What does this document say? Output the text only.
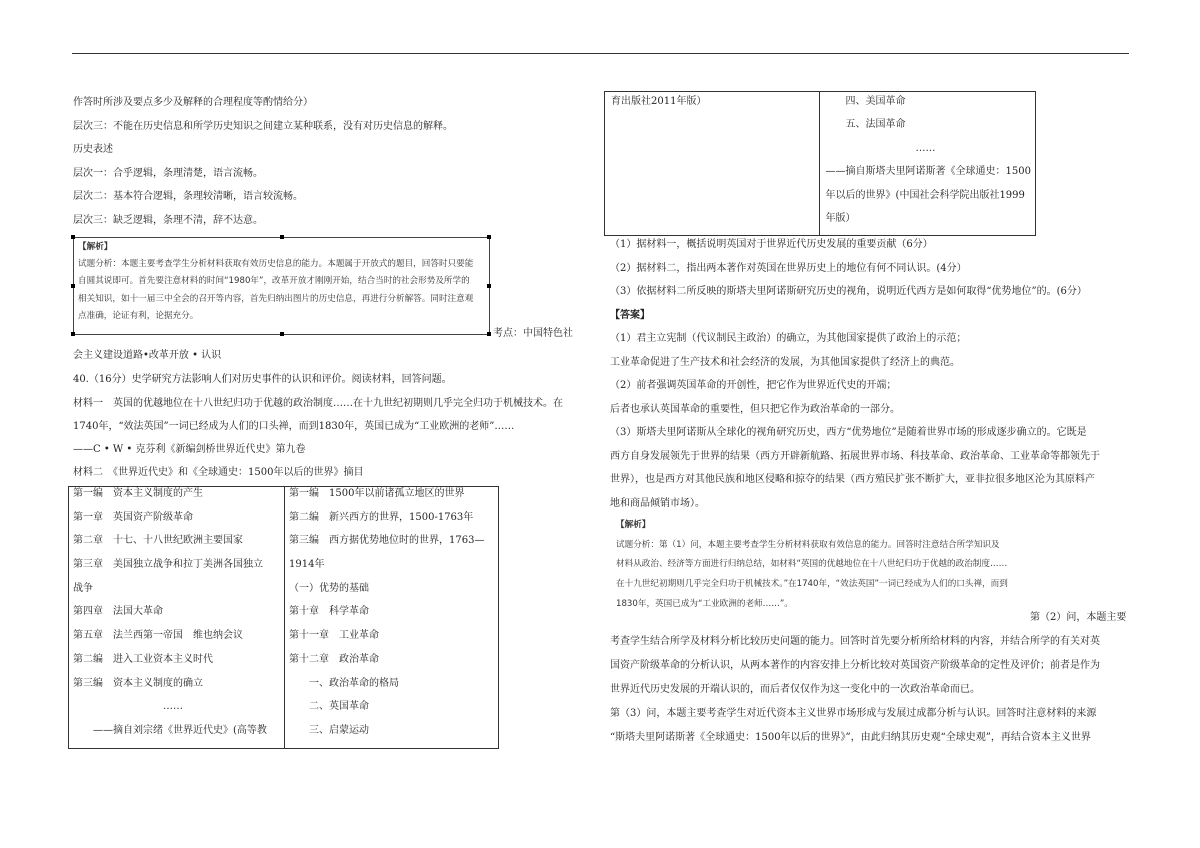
作答时所涉及要点多少及解释的合理程度等酌情给分）
层次三：不能在历史信息和所学历史知识之间建立某种联系，没有对历史信息的解释。
历史表述
层次一：合乎逻辑，条理清楚，语言流畅。
层次二：基本符合逻辑，条理较清晰，语言较流畅。
层次三：缺乏逻辑，条理不清，辞不达意。
【解析】
试题分析：本题主要考查学生分析材料获取有效历史信息的能力。本题属于开放式的题目，回答时只要能
自圆其说即可。首先要注意材料的时间“1980年”，改革开放才刚刚开始，结合当时的社会形势及所学的
相关知识，如十一届三中全会的召开等内容，首先归纳出图片的历史信息，再进行分析解答。同时注意观
点准确，论证有利，论据充分。
考点：中国特色社
会主义建设道路•改革开放 • 认识
40.（16分）史学研究方法影响人们对历史事件的认识和评价。阅读材料，回答问题。
材料一　英国的优越地位在十八世纪归功于优越的政治制度……在十九世纪初期则几乎完全归功于机械技术。在
1740年，“效法英国”一词已经成为人们的口头禅，而到1830年，英国已成为“工业欧洲的老师”……
——C • W • 克芬利《新编剑桥世界近代史》第九卷
材料二　《世界近代史》和《全球通史：1500年以后的世界》摘目
第一编　资本主义制度的产生
第一章　英国资产阶级革命
第二章　十七、十八世纪欧洲主要国家
第三章　美国独立战争和拉丁美洲各国独立
战争
第四章　法国大革命
第五章　法兰西第一帝国　维也纳会议
第二编　进入工业资本主义时代
第三编　资本主义制度的确立
……
——摘自刘宗绪《世界近代史》(高等教

第一编　1500年以前诸孤立地区的世界
第二编　新兴西方的世界，1500-1763年
第三编　西方据优势地位时的世界，1763—
1914年
（一）优势的基础
第十章　科学革命
第十一章　工业革命
第十二章　政治革命
一、政治革命的格局
二、英国革命
三、启蒙运动
育出版社2011年版）	四、美国革命
五、法国革命
……
——摘自斯塔夫里阿诺斯著《全球通史：1500
年以后的世界》(中国社会科学院出版社1999
年版）
（1）据材料一，概括说明英国对于世界近代历史发展的重要贡献（6分）
（2）据材料二，指出两本著作对英国在世界历史上的地位有何不同认识。(4分）
（3）依据材料二所反映的斯塔夫里阿诺斯研究历史的视角，说明近代西方是如何取得“优势地位”的。(6分）
【答案】
（1）君主立宪制（代议制民主政治）的确立，为其他国家提供了政治上的示范；
工业革命促进了生产技术和社会经济的发展，为其他国家提供了经济上的典范。
（2）前者强调英国革命的开创性，把它作为世界近代史的开端；
后者也承认英国革命的重要性，但只把它作为政治革命的一部分。
（3）斯塔夫里阿诺斯从全球化的视角研究历史，西方“优势地位”是随着世界市场的形成逐步确立的。它既是
西方自身发展领先于世界的结果（西方开辟新航路、拓展世界市场、科技革命、政治革命、工业革命等都领先于
世界），也是西方对其他民族和地区侵略和掠夺的结果（西方殖民扩张不断扩大，亚非拉很多地区沦为其原料产
地和商品倾销市场）。
【解析】
试题分析：第（1）问，本题主要考查学生分析材料获取有效信息的能力。回答时注意结合所学知识及
材料从政治、经济等方面进行归纳总结，如材料“英国的优越地位在十八世纪归功于优越的政治制度……
在十九世纪初期则几乎完全归功于机械技术。”在1740年，“效法英国”一词已经成为人们的口头禅，而到
1830年，英国已成为“工业欧洲的老师……”。
第（2）问，本题主要
考查学生结合所学及材料分析比较历史问题的能力。回答时首先要分析所给材料的内容，并结合所学的有关对英
国资产阶级革命的分析认识，从两本著作的内容安排上分析比较对英国资产阶级革命的定性及评价；前者是作为
世界近代历史发展的开端认识的，而后者仅仅作为这一变化中的一次政治革命而已。
第（3）问，本题主要考查学生对近代资本主义世界市场形成与发展过成都分析与认识。回答时注意材料的来源
“斯塔夫里阿诺斯著《全球通史：1500年以后的世界》”，由此归纳其历史观“全球史观”，再结合资本主义世界
